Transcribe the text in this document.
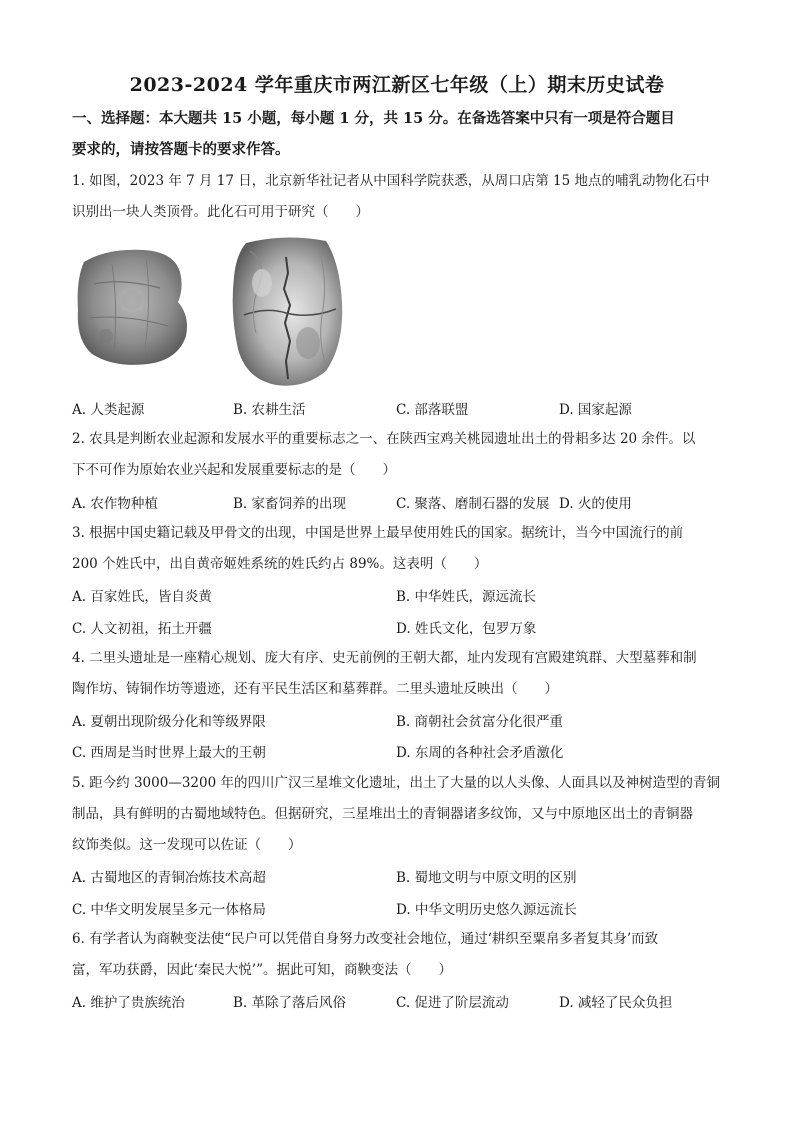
2023-2024 学年重庆市两江新区七年级（上）期末历史试卷
一、选择题：本大题共 15 小题，每小题 1 分，共 15 分。在备选答案中只有一项是符合题目
要求的，请按答题卡的要求作答。
1. 如图，2023 年 7 月 17 日，北京新华社记者从中国科学院获悉，从周口店第 15 地点的哺乳动物化石中
识别出一块人类顶骨。此化石可用于研究（　　）
A. 人类起源	B. 农耕生活	C. 部落联盟	D. 国家起源
2. 农具是判断农业起源和发展水平的重要标志之一、在陕西宝鸡关桃园遗址出土的骨耜多达 20 余件。以
下不可作为原始农业兴起和发展重要标志的是（　　）
A. 农作物种植	B. 家畜饲养的出现	C. 聚落、磨制石器的发展 D. 火的使用
3. 根据中国史籍记载及甲骨文的出现，中国是世界上最早使用姓氏的国家。据统计，当今中国流行的前
200 个姓氏中，出自黄帝姬姓系统的姓氏约占 89%。这表明（　　）
A. 百家姓氏，皆自炎黄	B. 中华姓氏，源远流长
C. 人文初祖，拓土开疆	D. 姓氏文化，包罗万象
4. 二里头遗址是一座精心规划、庞大有序、史无前例的王朝大都，址内发现有宫殿建筑群、大型墓葬和制
陶作坊、铸铜作坊等遗迹，还有平民生活区和墓葬群。二里头遗址反映出（　　）
A. 夏朝出现阶级分化和等级界限	B. 商朝社会贫富分化很严重
C. 西周是当时世界上最大的王朝	D. 东周的各种社会矛盾激化
5. 距今约 3000—3200 年的四川广汉三星堆文化遗址，出土了大量的以人头像、人面具以及神树造型的青铜
制品，具有鲜明的古蜀地域特色。但据研究，三星堆出土的青铜器诸多纹饰，又与中原地区出土的青铜器
纹饰类似。这一发现可以佐证（　　）
A. 古蜀地区的青铜冶炼技术高超	B. 蜀地文明与中原文明的区别
C. 中华文明发展呈多元一体格局	D. 中华文明历史悠久源远流长
6. 有学者认为商鞅变法使“民户可以凭借自身努力改变社会地位，通过‘耕织至粟帛多者复其身’而致
富，军功获爵，因此‘秦民大悦’”。据此可知，商鞅变法（　　）
A. 维护了贵族统治	B. 革除了落后风俗	C. 促进了阶层流动	D. 减轻了民众负担
